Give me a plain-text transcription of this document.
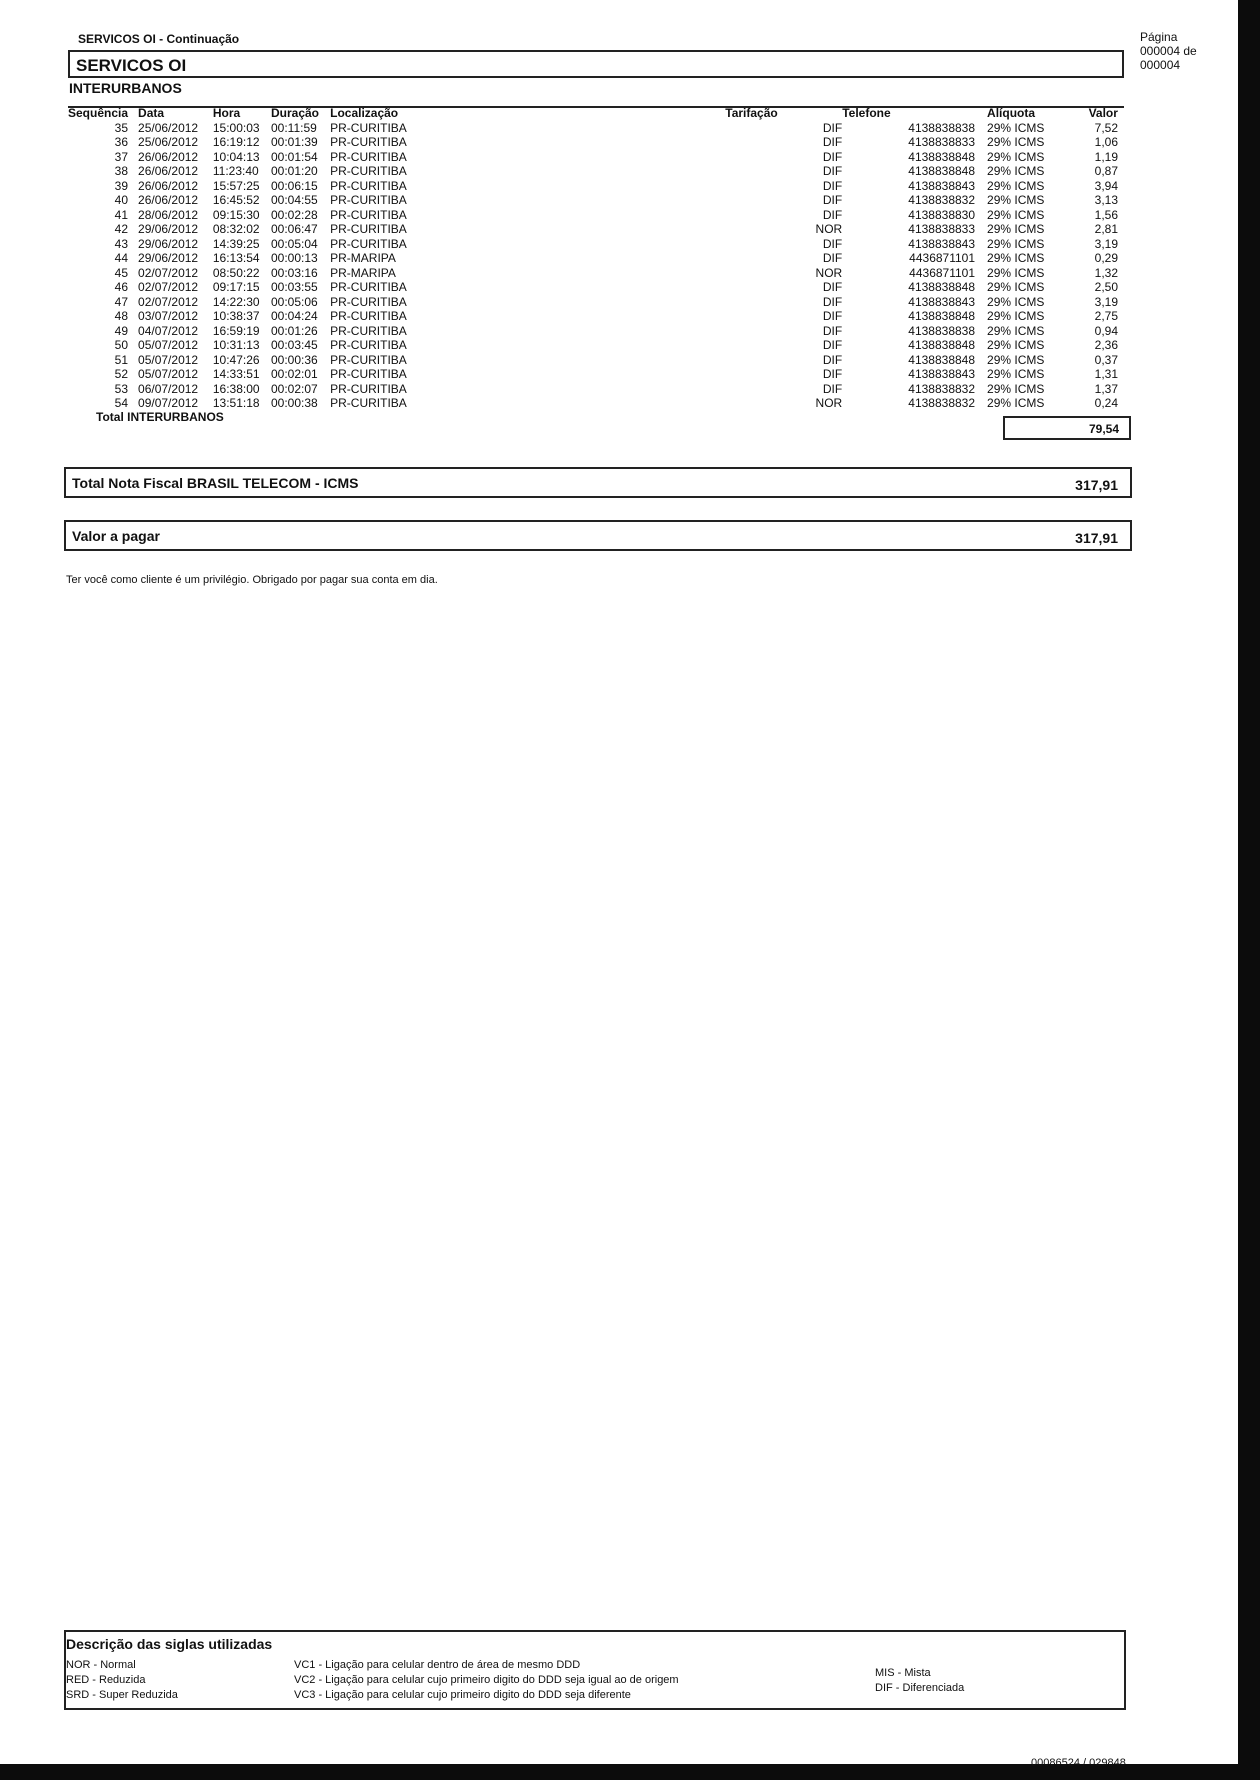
SERVICOS OI - Continuação	Página
000004 de
000004
SERVICOS OI
INTERURBANOS
Sequência	Data	Hora	Duração	Localização	Tarifação	Telefone	Alíquota	Valor
35	25/06/2012	15:00:03	00:11:59	PR-CURITIBA	DIF	4138838838	29% ICMS	7,52
36	25/06/2012	16:19:12	00:01:39	PR-CURITIBA	DIF	4138838833	29% ICMS	1,06
37	26/06/2012	10:04:13	00:01:54	PR-CURITIBA	DIF	4138838848	29% ICMS	1,19
38	26/06/2012	11:23:40	00:01:20	PR-CURITIBA	DIF	4138838848	29% ICMS	0,87
39	26/06/2012	15:57:25	00:06:15	PR-CURITIBA	DIF	4138838843	29% ICMS	3,94
40	26/06/2012	16:45:52	00:04:55	PR-CURITIBA	DIF	4138838832	29% ICMS	3,13
41	28/06/2012	09:15:30	00:02:28	PR-CURITIBA	DIF	4138838830	29% ICMS	1,56
42	29/06/2012	08:32:02	00:06:47	PR-CURITIBA	NOR	4138838833	29% ICMS	2,81
43	29/06/2012	14:39:25	00:05:04	PR-CURITIBA	DIF	4138838843	29% ICMS	3,19
44	29/06/2012	16:13:54	00:00:13	PR-MARIPA	DIF	4436871101	29% ICMS	0,29
45	02/07/2012	08:50:22	00:03:16	PR-MARIPA	NOR	4436871101	29% ICMS	1,32
46	02/07/2012	09:17:15	00:03:55	PR-CURITIBA	DIF	4138838848	29% ICMS	2,50
47	02/07/2012	14:22:30	00:05:06	PR-CURITIBA	DIF	4138838843	29% ICMS	3,19
48	03/07/2012	10:38:37	00:04:24	PR-CURITIBA	DIF	4138838848	29% ICMS	2,75
49	04/07/2012	16:59:19	00:01:26	PR-CURITIBA	DIF	4138838838	29% ICMS	0,94
50	05/07/2012	10:31:13	00:03:45	PR-CURITIBA	DIF	4138838848	29% ICMS	2,36
51	05/07/2012	10:47:26	00:00:36	PR-CURITIBA	DIF	4138838848	29% ICMS	0,37
52	05/07/2012	14:33:51	00:02:01	PR-CURITIBA	DIF	4138838843	29% ICMS	1,31
53	06/07/2012	16:38:00	00:02:07	PR-CURITIBA	DIF	4138838832	29% ICMS	1,37
54	09/07/2012	13:51:18	00:00:38	PR-CURITIBA	NOR	4138838832	29% ICMS	0,24
Total INTERURBANOS
79,54
Total Nota Fiscal BRASIL TELECOM - ICMS	317,91
Valor a pagar	317,91
Ter você como cliente é um privilégio. Obrigado por pagar sua conta em dia.
Descrição das siglas utilizadas
NOR - Normal
RED - Reduzida
SRD - Super Reduzida
VC1 - Ligação para celular dentro de área de mesmo DDD
VC2 - Ligação para celular cujo primeiro digito do DDD seja igual ao de origem
VC3 - Ligação para celular cujo primeiro digito do DDD seja diferente
MIS - Mista
DIF - Diferenciada
00086524 / 029848
